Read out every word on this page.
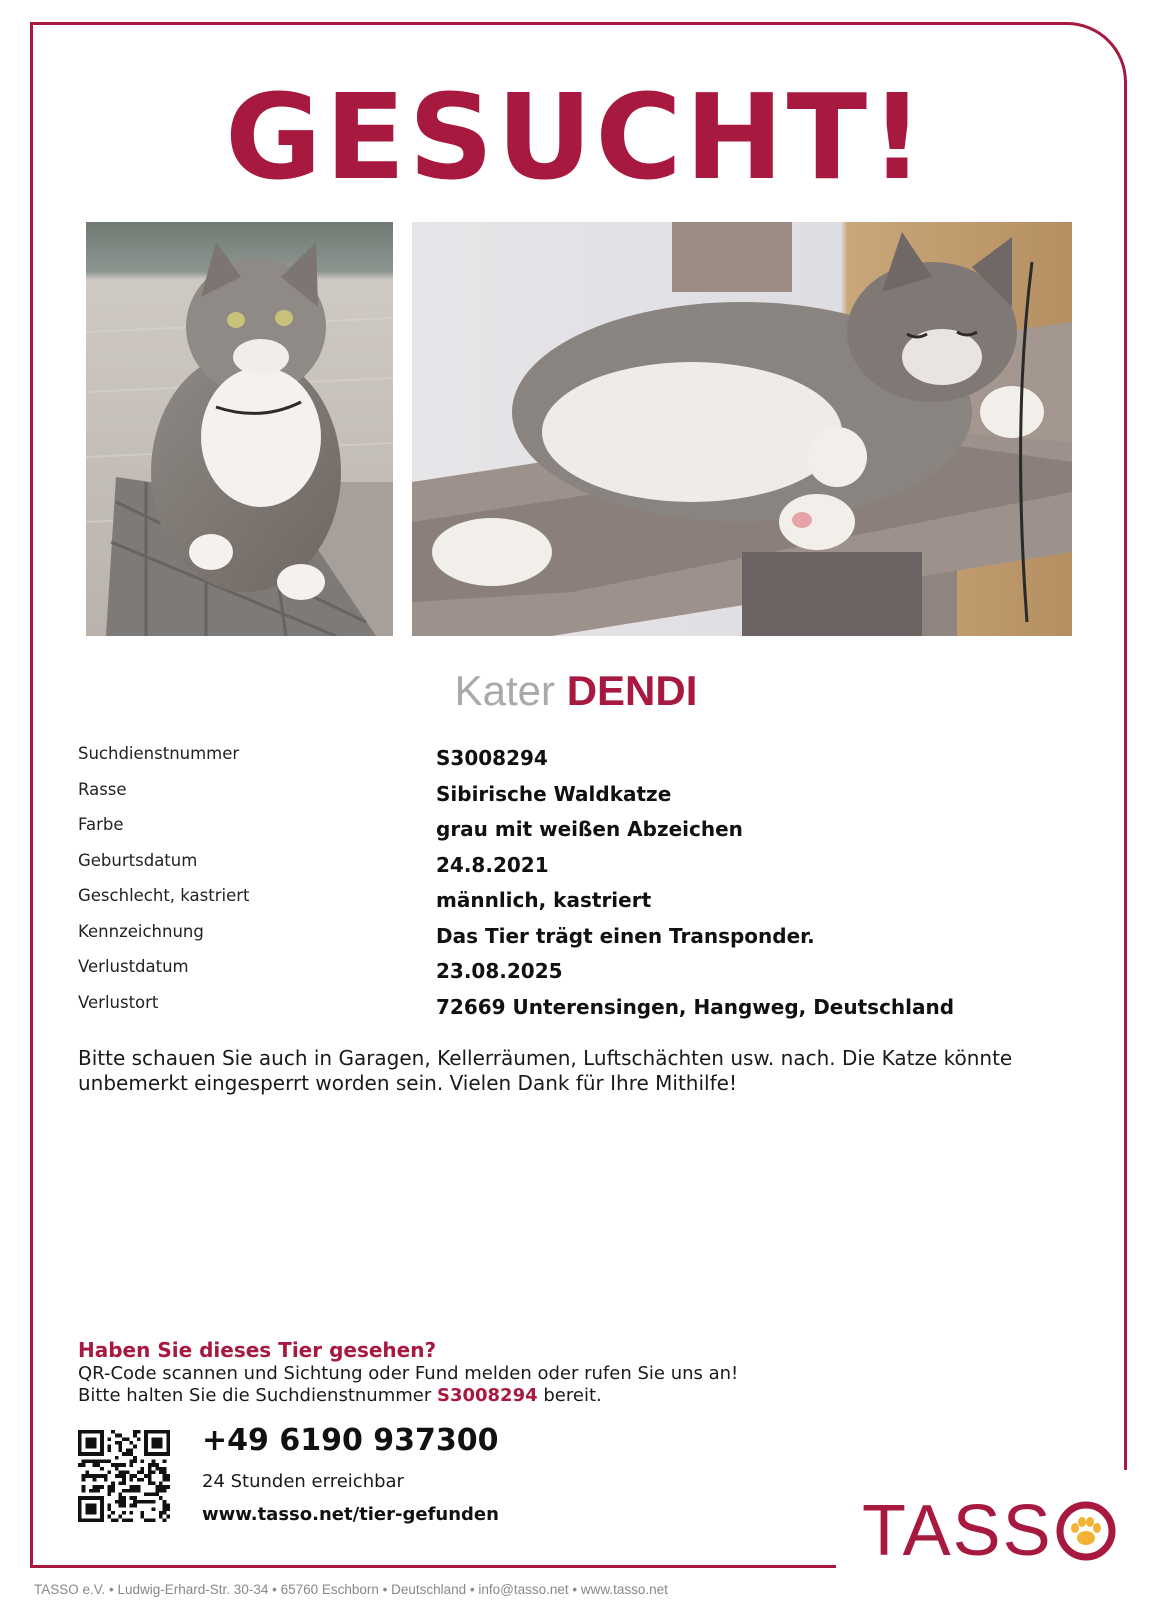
GESUCHT!
Kater DENDI
Suchdienstnummer	S3008294
Rasse	Sibirische Waldkatze
Farbe	grau mit weißen Abzeichen
Geburtsdatum	24.8.2021
Geschlecht, kastriert	männlich, kastriert
Kennzeichnung	Das Tier trägt einen Transponder.
Verlustdatum	23.08.2025
Verlustort	72669 Unterensingen, Hangweg, Deutschland

Bitte schauen Sie auch in Garagen, Kellerräumen, Luftschächten usw. nach. Die Katze könnte unbemerkt eingesperrt worden sein. Vielen Dank für Ihre Mithilfe!

Haben Sie dieses Tier gesehen?
QR-Code scannen und Sichtung oder Fund melden oder rufen Sie uns an!
Bitte halten Sie die Suchdienstnummer S3008294 bereit.
+49 6190 937300
24 Stunden erreichbar
www.tasso.net/tier-gefunden	TASS
TASSO e.V. • Ludwig-Erhard-Str. 30-34 • 65760 Eschborn • Deutschland • info@tasso.net • www.tasso.net
